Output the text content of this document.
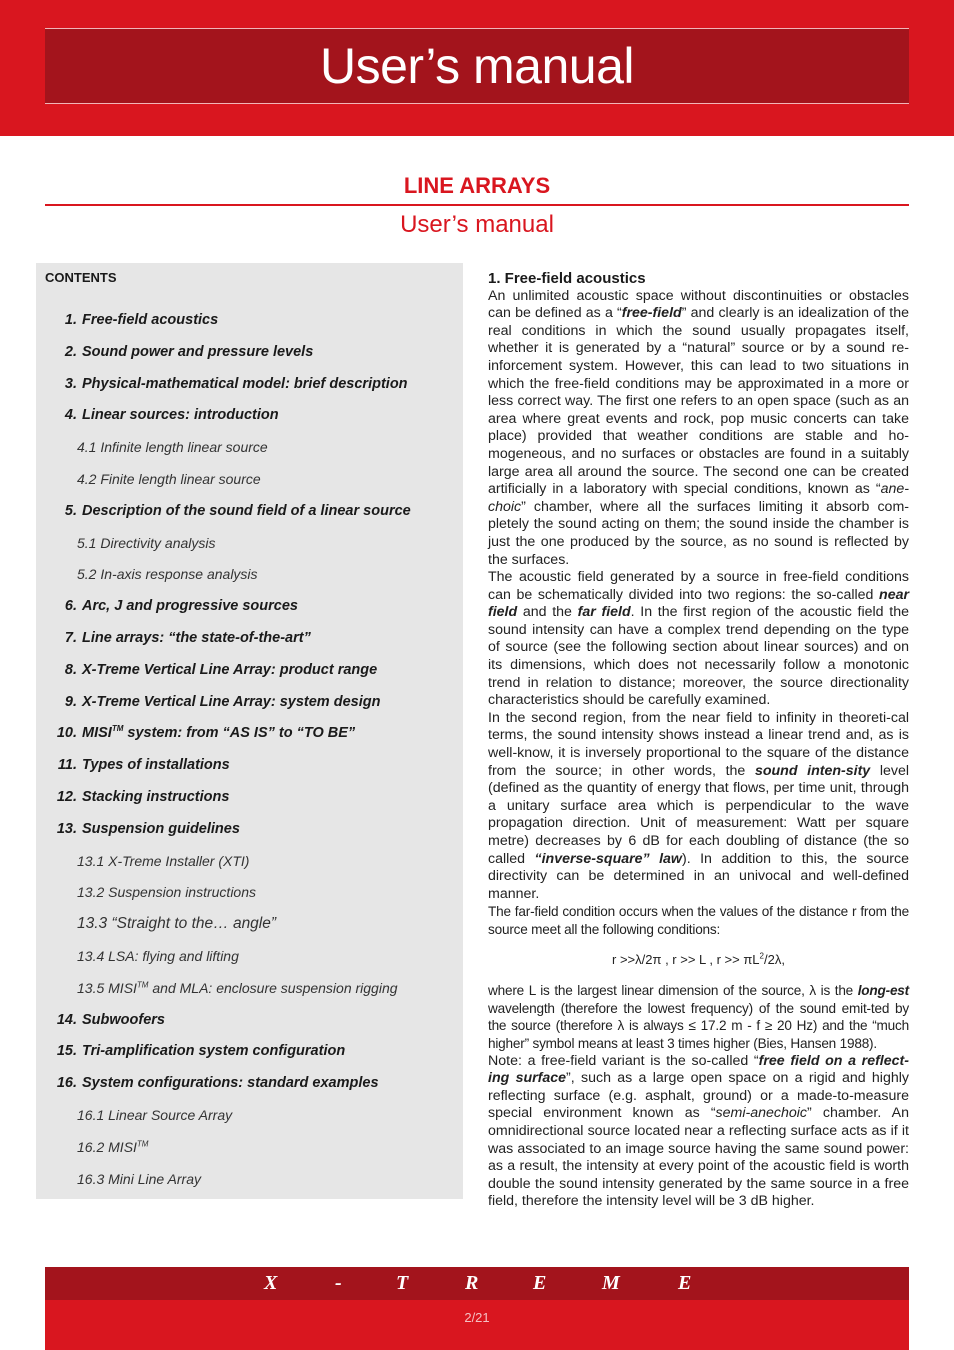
User’s manual
LINE ARRAYS
User’s manual
CONTENTS
1. Free-field acoustics
2. Sound power and pressure levels
3. Physical-mathematical model: brief description
4. Linear sources: introduction
4.1 Infinite length linear source
4.2 Finite length linear source
5. Description of the sound field of a linear source
5.1 Directivity analysis
5.2 In-axis response analysis
6. Arc, J and progressive sources
7. Line arrays: “the state-of-the-art”
8. X-Treme Vertical Line Array: product range
9. X-Treme Vertical Line Array: system design
10. MISI™ system: from “AS IS” to “TO BE”
11. Types of installations
12. Stacking instructions
13. Suspension guidelines
13.1 X-Treme Installer (XTI)
13.2 Suspension instructions
13.3 “Straight to the… angle”
13.4 LSA: flying and lifting
13.5 MISI™ and MLA: enclosure suspension rigging
14. Subwoofers
15. Tri-amplification system configuration
16. System configurations: standard examples
16.1 Linear Source Array
16.2 MISI™
16.3 Mini Line Array

1. Free-field acoustics

An unlimited acoustic space without discontinuities or obstacles can be defined as a “free-field” and clearly is an idealization of the real conditions in which the sound usually propagates itself, whether it is generated by a “natural” source or by a sound re-inforcement system. However, this can lead to two situations in which the free-field conditions may be approximated in a more or less correct way. The first one refers to an open space (such as an area where great events and rock, pop music concerts can take place) provided that weather conditions are stable and ho-mogeneous, and no surfaces or obstacles are found in a suitably large area all around the source. The second one can be created artificially in a laboratory with special conditions, known as “ane-choic” chamber, where all the surfaces limiting it absorb com-pletely the sound acting on them; the sound inside the chamber is just the one produced by the source, as no sound is reflected by the surfaces.

The acoustic field generated by a source in free-field conditions can be schematically divided into two regions: the so-called near field and the far field. In the first region of the acoustic field the sound intensity can have a complex trend depending on the type of source (see the following section about linear sources) and on its dimensions, which does not necessarily follow a monotonic trend in relation to distance; moreover, the source directionality characteristics should be carefully examined.

In the second region, from the near field to infinity in theoreti-cal terms, the sound intensity shows instead a linear trend and, as is well-know, it is inversely proportional to the square of the distance from the source; in other words, the sound inten-sity level (defined as the quantity of energy that flows, per time unit, through a unitary surface area which is perpendicular to the wave propagation direction. Unit of measurement: Watt per square metre) decreases by 6 dB for each doubling of distance (the so called “inverse-square” law). In addition to this, the source directivity can be determined in an univocal and well-defined manner.

The far-field condition occurs when the values of the distance r from the source meet all the following conditions:

r >>λ/2π , r >> L , $r >> \pi L^2/2\lambda$,

where L is the largest linear dimension of the source, λ is the long-est wavelength (therefore the lowest frequency) of the sound emit-ted by the source (therefore λ is always ≤ 17.2 m - f ≥ 20 Hz) and the “much higher” symbol means at least 3 times higher (Bies, Hansen 1988).

Note: a free-field variant is the so-called “free field on a reflect-ing surface”, such as a large open space on a rigid and highly reflecting surface (e.g. asphalt, ground) or a made-to-measure special environment known as “semi-anechoic” chamber. An omnidirectional source located near a reflecting surface acts as if it was associated to an image source having the same sound power: as a result, the intensity at every point of the acoustic field is worth double the sound intensity generated by the same source in a free field, therefore the intensity level will be 3 dB higher.

X	-	T	R	E	M	E
2/21
